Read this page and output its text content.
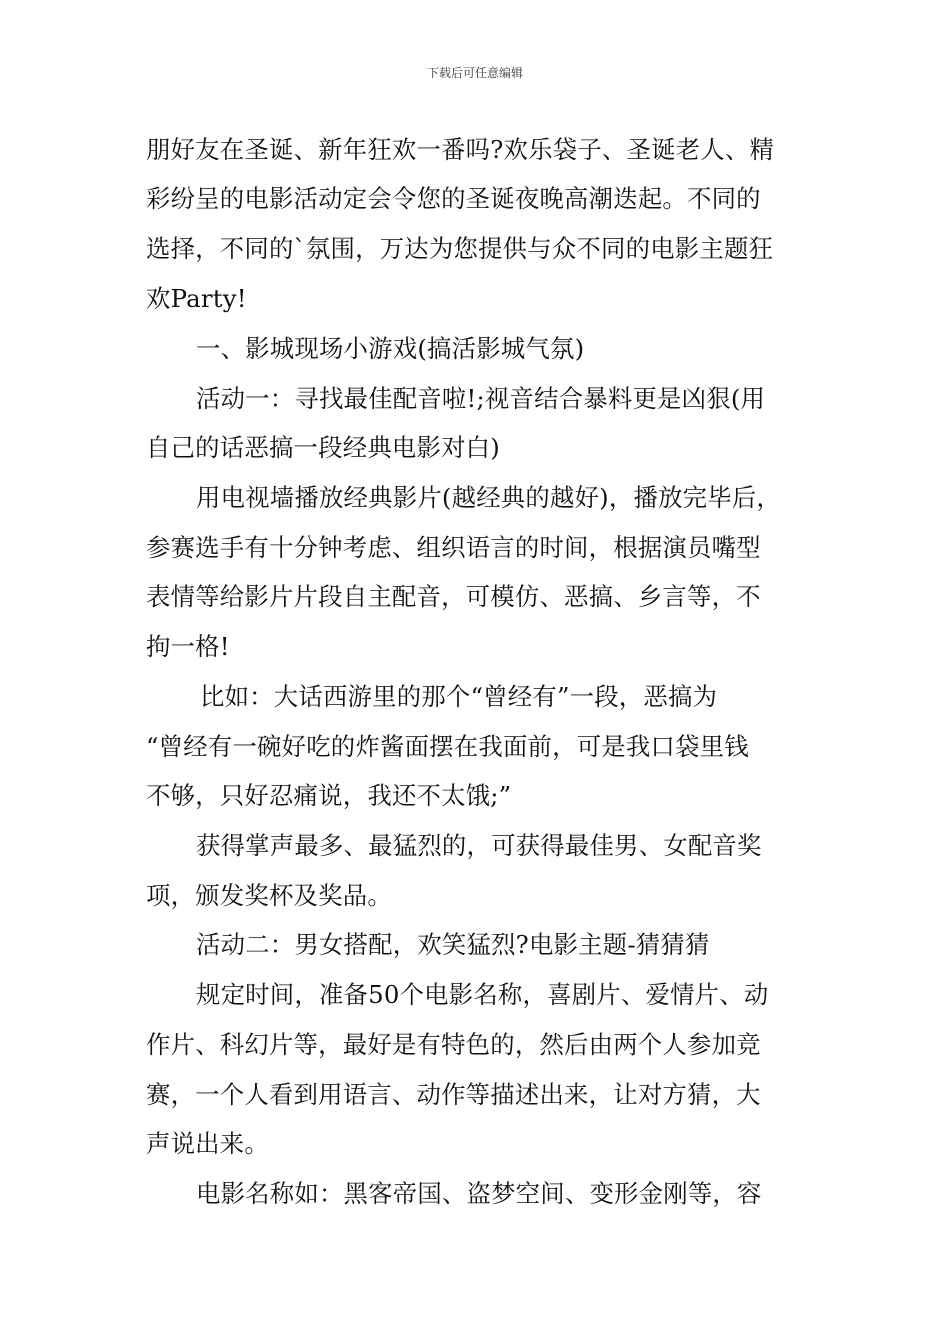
下载后可任意编辑
朋好友在圣诞、新年狂欢一番吗?欢乐袋子、圣诞老人、精
彩纷呈的电影活动定会令您的圣诞夜晚高潮迭起。不同的
选择，不同的`氛围，万达为您提供与众不同的电影主题狂
欢Party!
一、影城现场小游戏(搞活影城气氛)
活动一：寻找最佳配音啦!;视音结合暴料更是凶狠(用
自己的话恶搞一段经典电影对白)
用电视墙播放经典影片(越经典的越好)，播放完毕后，
参赛选手有十分钟考虑、组织语言的时间，根据演员嘴型
表情等给影片片段自主配音，可模仿、恶搞、乡言等，不
拘一格!
比如：大话西游里的那个“曾经有”一段，恶搞为
“曾经有一碗好吃的炸酱面摆在我面前，可是我口袋里钱
不够，只好忍痛说，我还不太饿;”
获得掌声最多、最猛烈的，可获得最佳男、女配音奖
项，颁发奖杯及奖品。
活动二：男女搭配，欢笑猛烈?电影主题-猜猜猜
规定时间，准备50个电影名称，喜剧片、爱情片、动
作片、科幻片等，最好是有特色的，然后由两个人参加竞
赛，一个人看到用语言、动作等描述出来，让对方猜，大
声说出来。
电影名称如：黑客帝国、盗梦空间、变形金刚等，容
